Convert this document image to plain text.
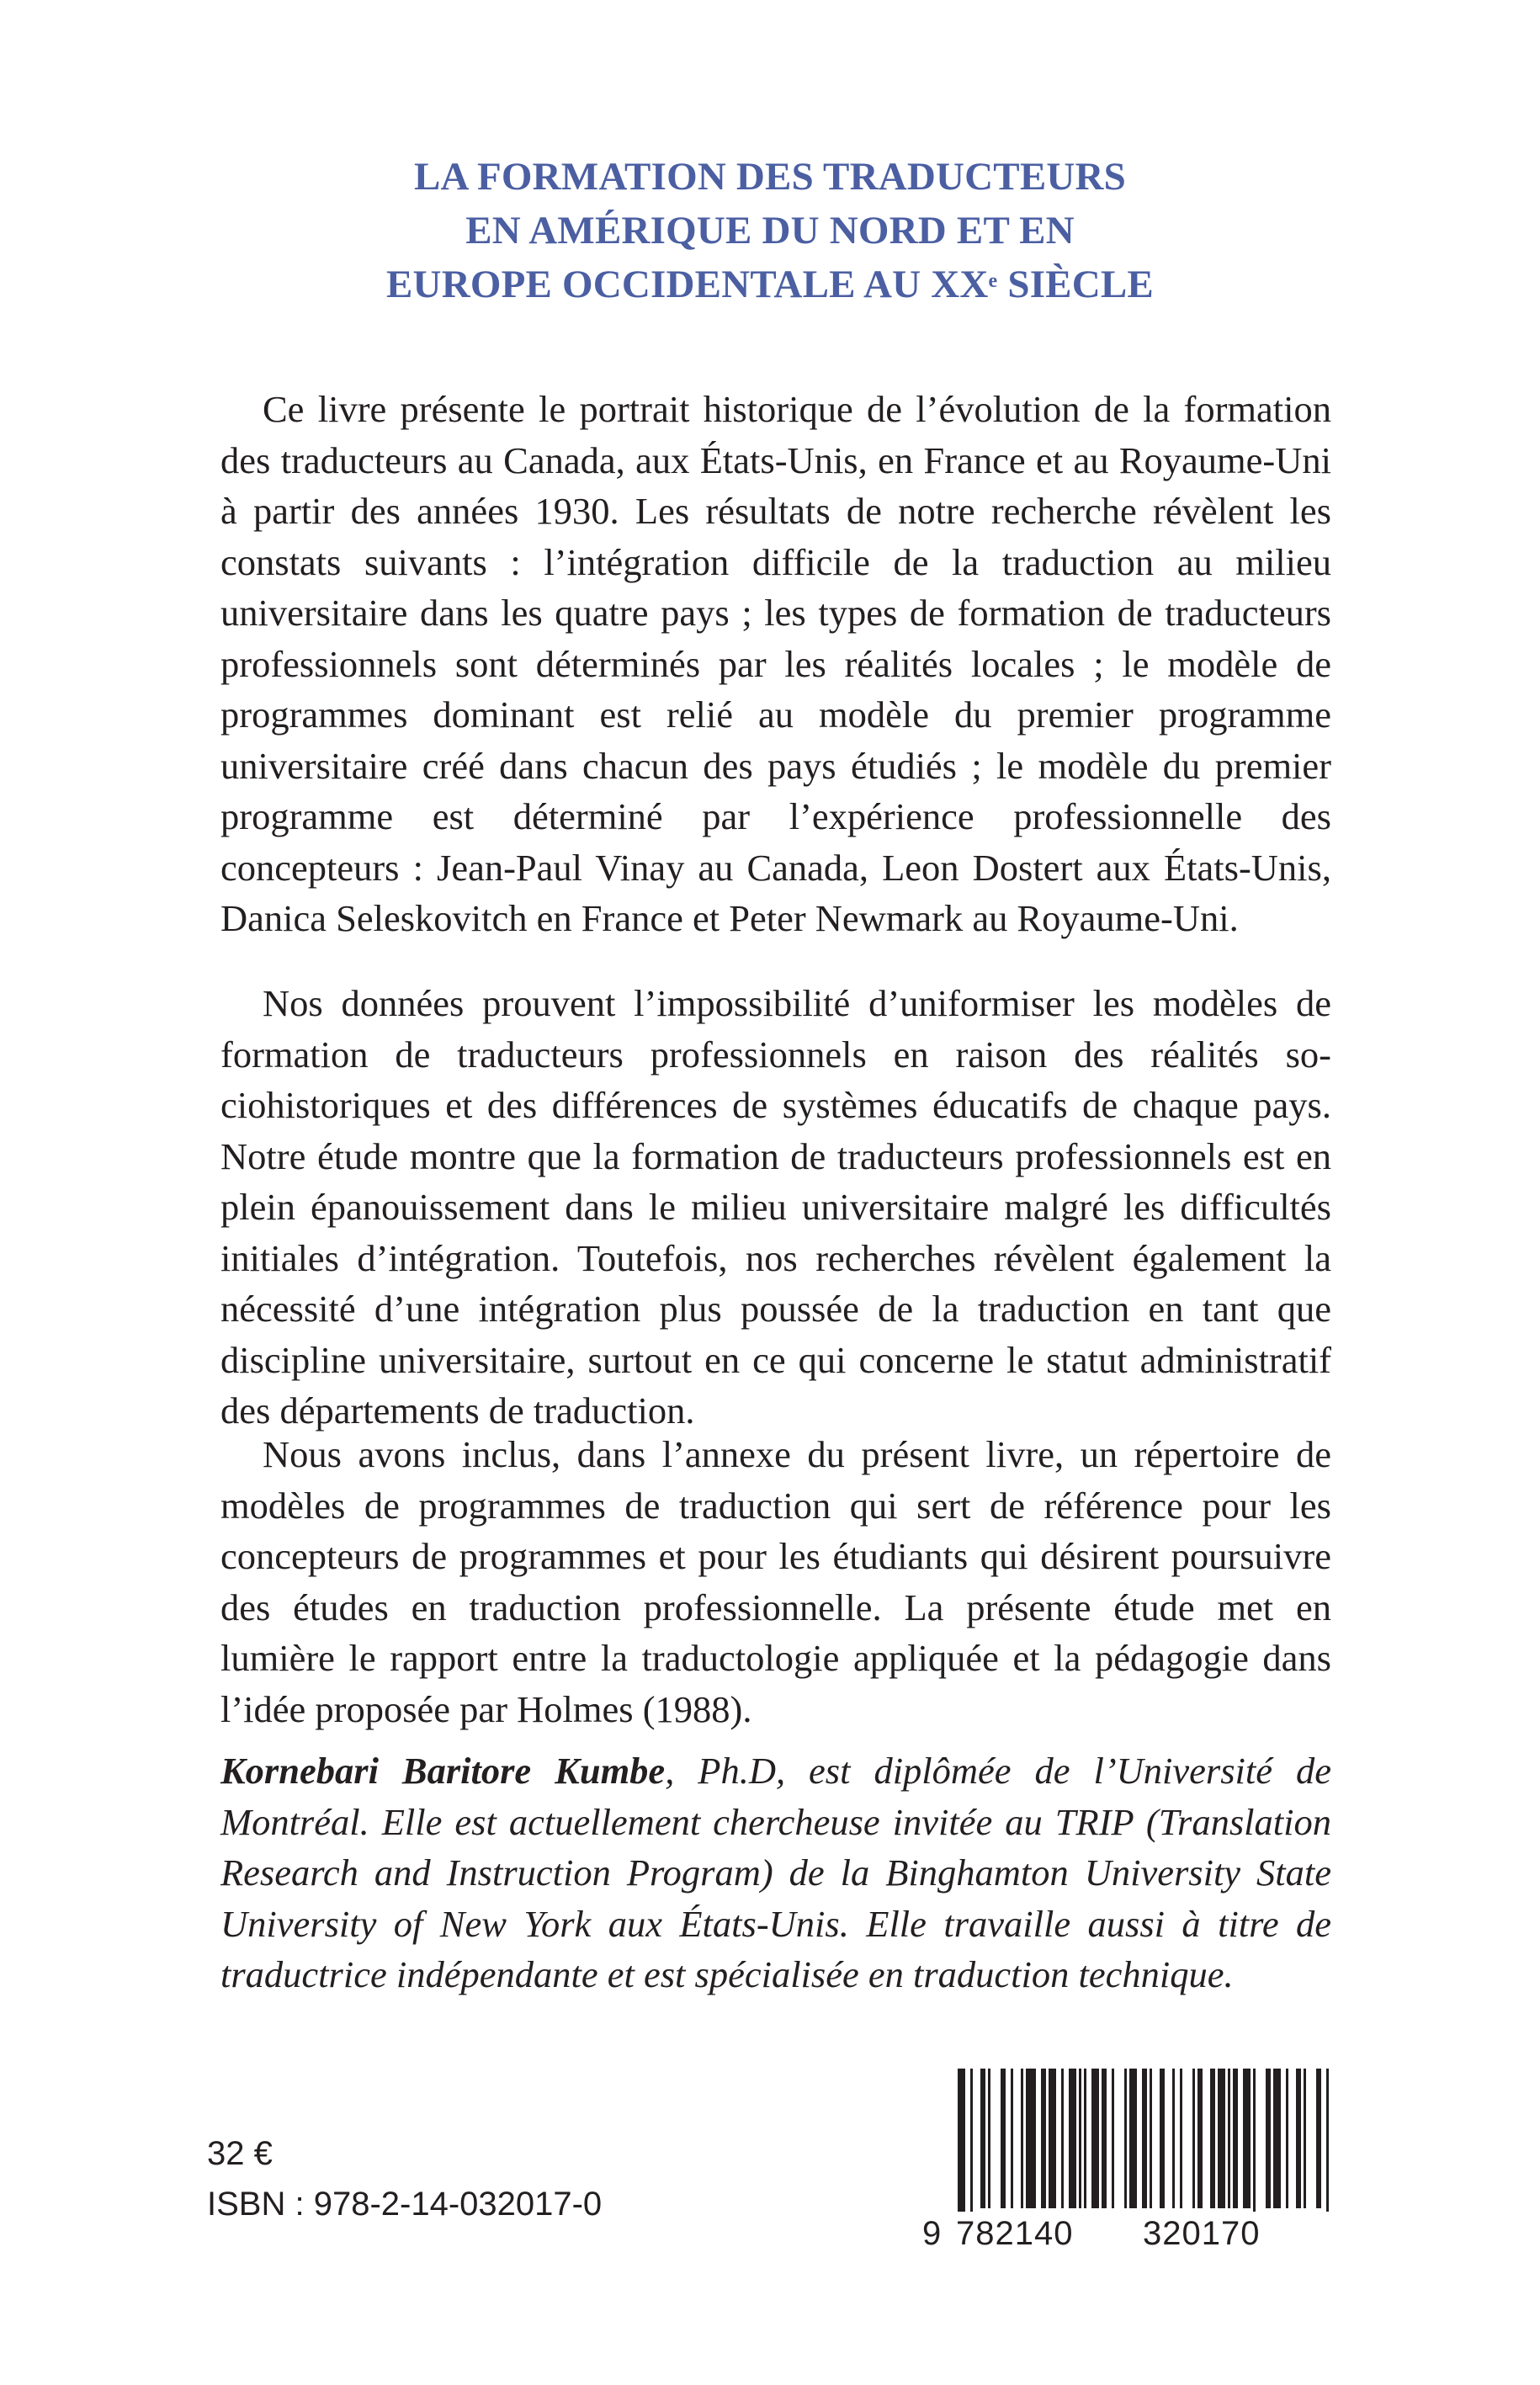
LA FORMATION DES TRADUCTEURS
EN AMÉRIQUE DU NORD ET EN
EUROPE OCCIDENTALE AU XXe SIÈCLE

Ce livre présente le portrait historique de l’évolution de la formation des traducteurs au Canada, aux États-Unis, en France et au Royaume-Uni à partir des années 1930. Les résultats de notre recherche révèlent les constats suivants : l’intégration difficile de la traduction au milieu universitaire dans les quatre pays ; les types de formation de traducteurs professionnels sont déterminés par les réalités locales ; le modèle de programmes dominant est relié au modèle du premier programme universitaire créé dans chacun des pays étudiés ; le modèle du premier programme est déterminé par l’expérience professionnelle des concepteurs : Jean-Paul Vinay au Canada, Leon Dostert aux États-Unis, Danica Seleskovitch en France et Peter Newmark au Royaume-Uni.

Nos données prouvent l’impossibilité d’uniformiser les modèles de formation de traducteurs professionnels en raison des réalités sociohistoriques et des différences de systèmes éducatifs de chaque pays. Notre étude montre que la formation de traducteurs professionnels est en plein épanouissement dans le milieu universitaire malgré les difficultés initiales d’intégration. Toutefois, nos recherches révèlent également la nécessité d’une intégration plus poussée de la traduction en tant que discipline universitaire, surtout en ce qui concerne le statut administratif des départements de traduction.

Nous avons inclus, dans l’annexe du présent livre, un répertoire de modèles de programmes de traduction qui sert de référence pour les concepteurs de programmes et pour les étudiants qui désirent poursuivre des études en traduction professionnelle. La présente étude met en lumière le rapport entre la traductologie appliquée et la pédagogie dans l’idée proposée par Holmes (1988).

Kornebari Baritore Kumbe, Ph.D, est diplômée de l’Université de Montréal. Elle est actuellement chercheuse invitée au TRIP (Translation Research and Instruction Program) de la Binghamton University State University of New York aux États-Unis. Elle travaille aussi à titre de traductrice indépendante et est spécialisée en traduction technique.

32 €

ISBN : 978-2-14-032017-0

9 782140 320170
